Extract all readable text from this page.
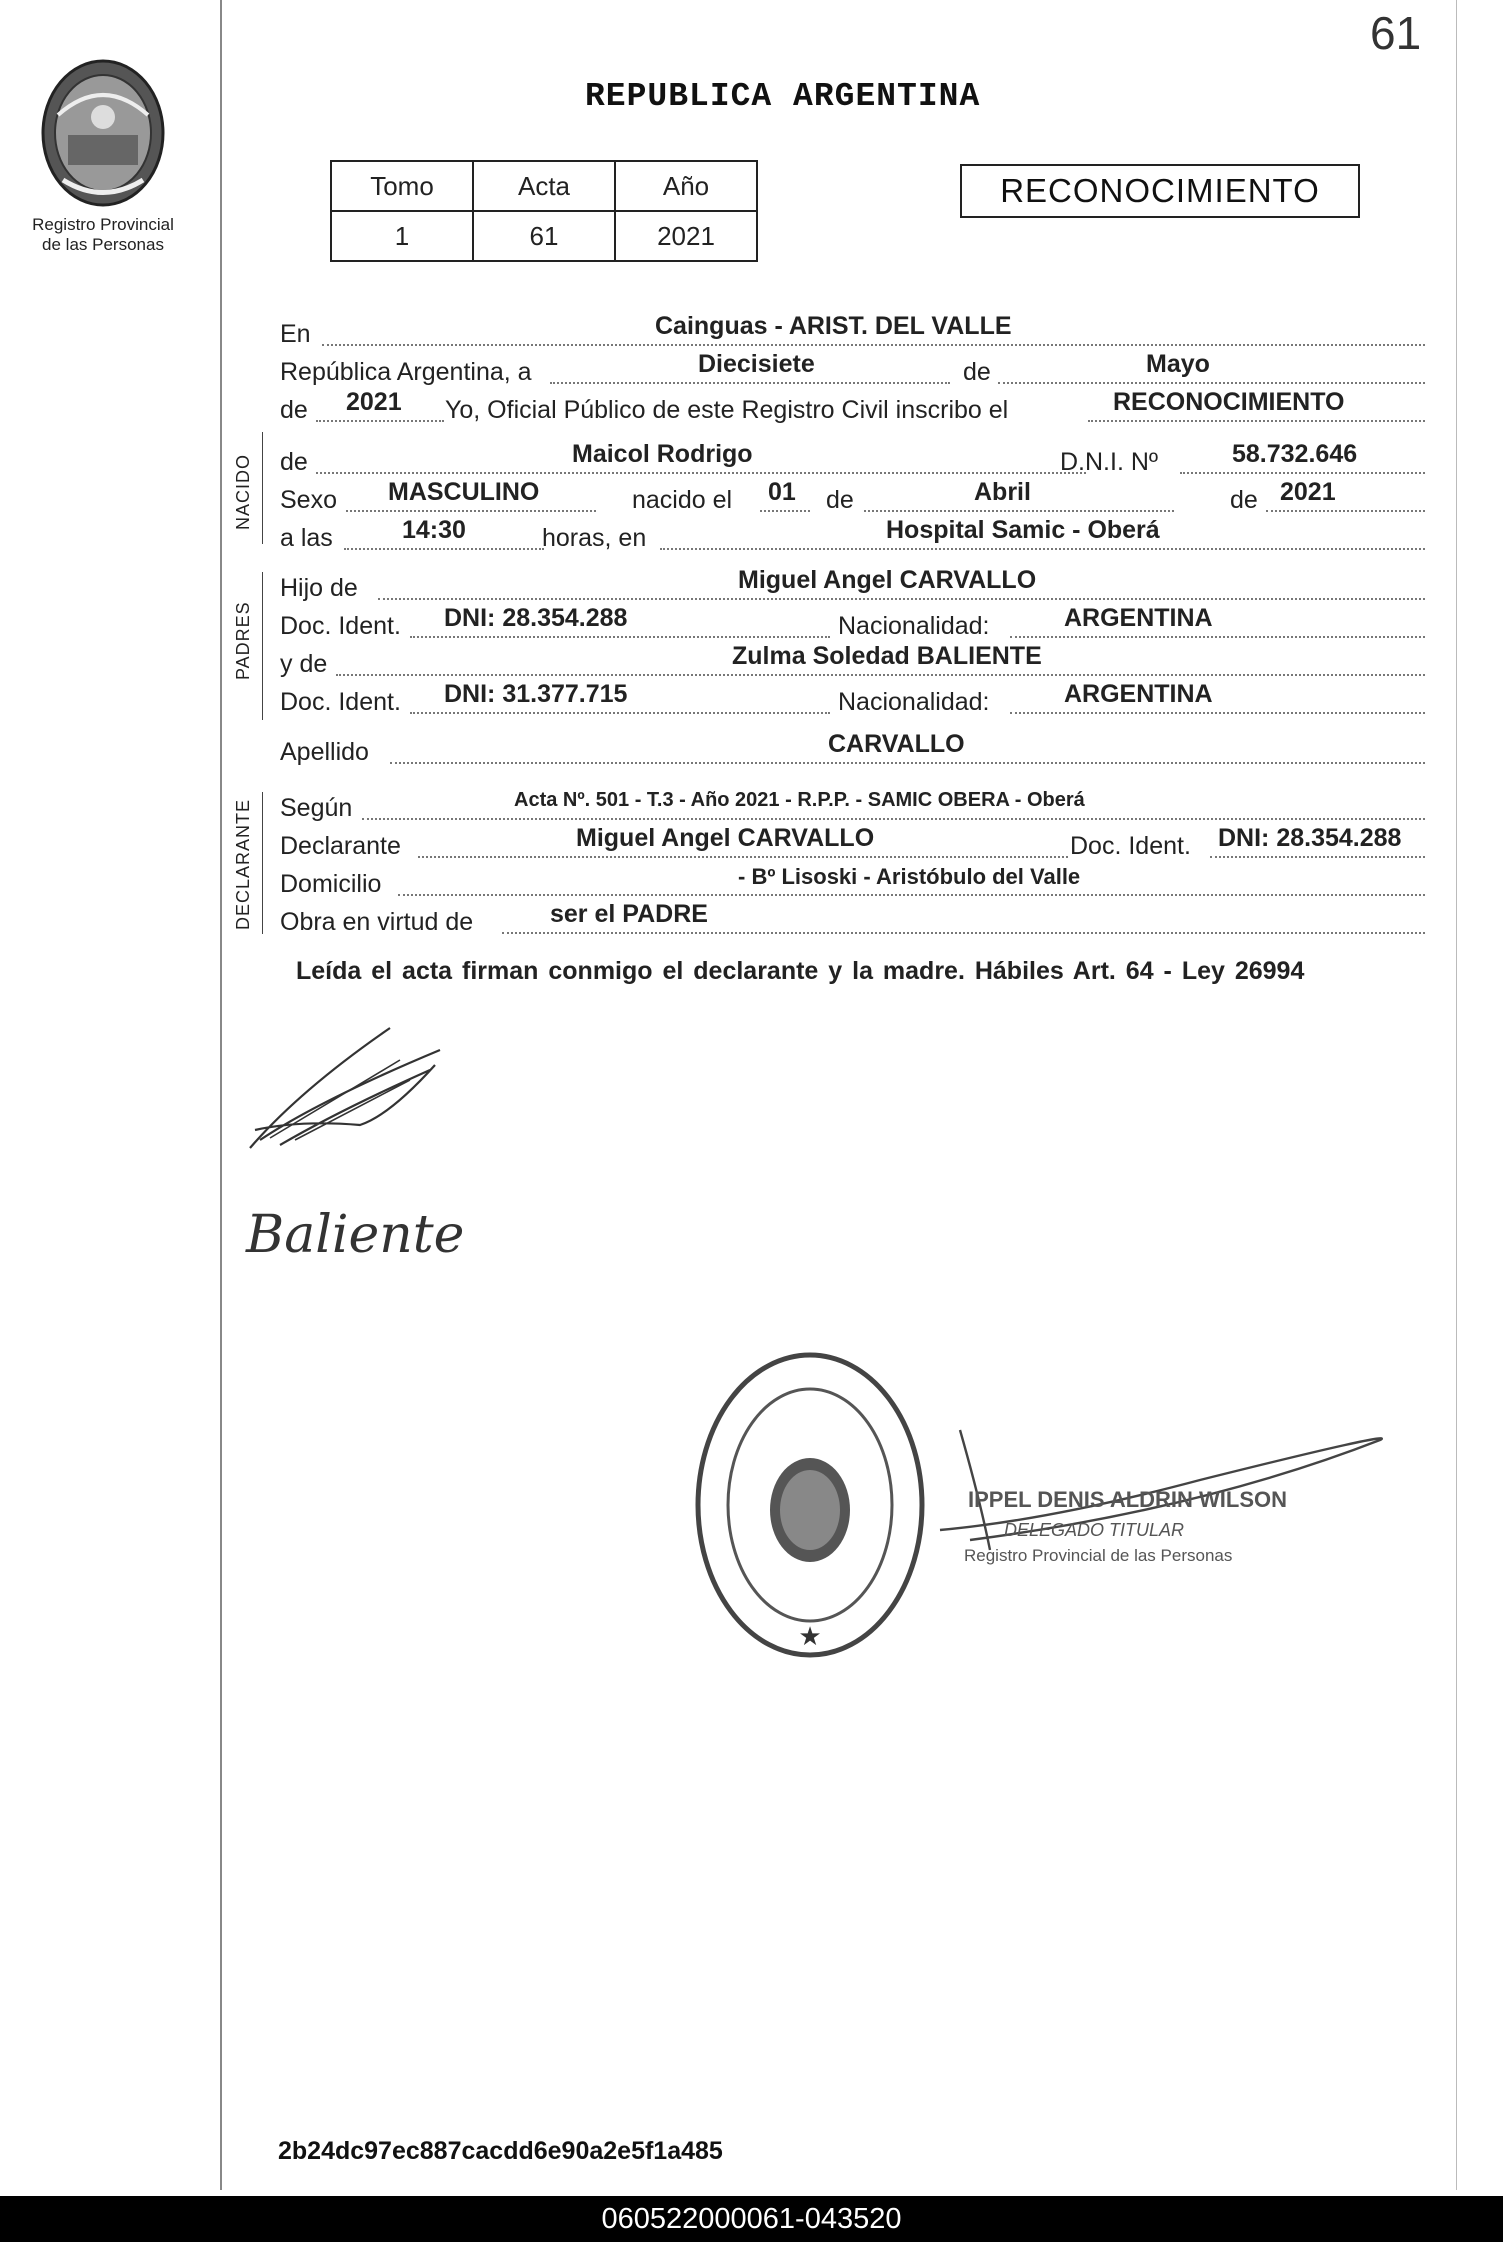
61
Registro Provincial
de las Personas
REPUBLICA ARGENTINA
Tomo	Acta	Año
1	61	2021
RECONOCIMIENTO
En	Cainguas - ARIST. DEL VALLE
República Argentina, a	Diecisiete	de	Mayo
de 2021 Yo, Oficial Público de este Registro Civil inscribo el	RECONOCIMIENTO
NACIDO de	Maicol Rodrigo	D.N.I. Nº	58.732.646
Sexo MASCULINO	nacido el 01 de	Abril	de 2021
a las	14:30	horas, en	Hospital Samic - Oberá
PADRES
Hijo de	Miguel Angel CARVALLO
Doc. Ident. DNI: 28.354.288	Nacionalidad:	ARGENTINA
y de	Zulma Soledad BALIENTE
Doc. Ident. DNI: 31.377.715	Nacionalidad:	ARGENTINA
Apellido	CARVALLO
DECLARANTE Según	Acta Nº. 501 - T.3 - Año 2021 - R.P.P. - SAMIC OBERA - Oberá
Declarante	Miguel Angel CARVALLO	Doc. Ident. DNI: 28.354.288
Domicilio	- Bº Lisoski - Aristóbulo del Valle
Obra en virtud de	ser el PADRE
Leída el acta firman conmigo el declarante y la madre. Hábiles Art. 64 - Ley 26994
Baliente
★
IPPEL DENIS ALDRIN WILSON
DELEGADO TITULAR
Registro Provincial de las Personas
2b24dc97ec887cacdd6e90a2e5f1a485
060522000061-043520
